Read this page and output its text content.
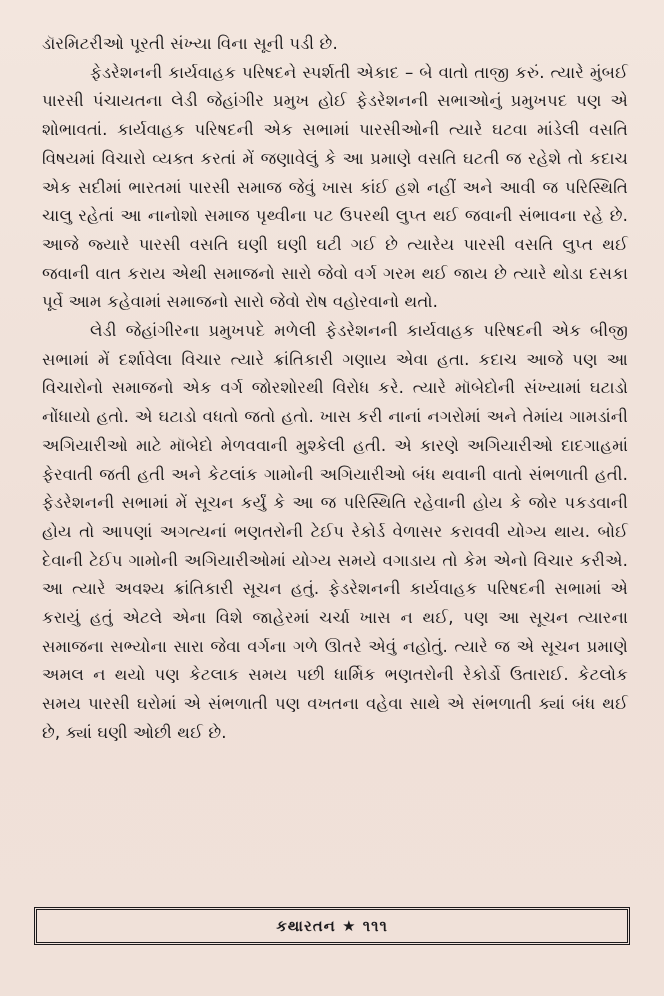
ડૉરમિટરીઓ પૂરતી સંખ્યા વિના સૂની પડી છે.

ફેડરેશનની કાર્યવાહક પરિષદને સ્પર્શતી એકાદ – બે વાતો તાજી કરું. ત્યારે મુંબઈ પારસી પંચાયતના લેડી જેહાંગીર પ્રમુખ હોઈ ફેડરેશનની સભાઓનું પ્રમુખપદ પણ એ શોભાવતાં. કાર્યવાહક પરિષદની એક સભામાં પારસીઓની ત્યારે ઘટવા માંડેલી વસતિ વિષયમાં વિચારો વ્યક્ત કરતાં મેં જણાવેલું કે આ પ્રમાણે વસતિ ઘટતી જ રહેશે તો કદાચ એક સદીમાં ભારતમાં પારસી સમાજ જેવું ખાસ કાંઈ હશે નહીં અને આવી જ પરિસ્થિતિ ચાલુ રહેતાં આ નાનોશો સમાજ પૃથ્વીના પટ ઉપરથી લુપ્ત થઈ જવાની સંભાવના રહે છે. આજે જ્યારે પારસી વસતિ ઘણી ઘણી ઘટી ગઈ છે ત્યારેય પારસી વસતિ લુપ્ત થઈ જવાની વાત કરાય એથી સમાજનો સારો જેવો વર્ગ ગરમ થઈ જાય છે ત્યારે થોડા દસકા પૂર્વે આમ કહેવામાં સમાજનો સારો જેવો રોષ વહોરવાનો થતો.

લેડી જેહાંગીરના પ્રમુખપદે મળેલી ફેડરેશનની કાર્યવાહક પરિષદની એક બીજી સભામાં મેં દર્શાવેલા વિચાર ત્યારે ક્રાંતિકારી ગણાય એવા હતા. કદાચ આજે પણ આ વિચારોનો સમાજનો એક વર્ગ જોરશોરથી વિરોધ કરે. ત્યારે મૉબેદોની સંખ્યામાં ઘટાડો નોંધાયો હતો. એ ઘટાડો વધતો જતો હતો. ખાસ કરી નાનાં નગરોમાં અને તેમાંય ગામડાંની અગિયારીઓ માટે મૉબેદો મેળવવાની મુશ્કેલી હતી. એ કારણે અગિયારીઓ દાદગાહમાં ફેરવાતી જતી હતી અને કેટલાંક ગામોની અગિયારીઓ બંધ થવાની વાતો સંભળાતી હતી. ફેડરેશનની સભામાં મેં સૂચન કર્યું કે આ જ પરિસ્થિતિ રહેવાની હોય કે જોર પકડવાની હોય તો આપણાં અગત્યનાં ભણતરોની ટેઈપ રેકોર્ડ વેળાસર કરાવવી યોગ્ય થાય. બોઈ દેવાની ટેઈપ ગામોની અગિયારીઓમાં યોગ્ય સમયે વગાડાય તો કેમ એનો વિચાર કરીએ. આ ત્યારે અવશ્ય ક્રાંતિકારી સૂચન હતું. ફેડરેશનની કાર્યવાહક પરિષદની સભામાં એ કરાયું હતું એટલે એના વિશે જાહેરમાં ચર્ચા ખાસ ન થઈ, પણ આ સૂચન ત્યારના સમાજના સભ્યોના સારા જેવા વર્ગના ગળે ઊતરે એવું નહોતું. ત્યારે જ એ સૂચન પ્રમાણે અમલ ન થયો પણ કેટલાક સમય પછી ધાર્મિક ભણતરોની રેકોર્ડો ઉતારાઈ. કેટલોક સમય પારસી ઘરોમાં એ સંભળાતી પણ વખતના વહેવા સાથે એ સંભળાતી ક્યાં બંધ થઈ છે, ક્યાં ઘણી ઓછી થઈ છે.

કથારતન ★ ૧૧૧
